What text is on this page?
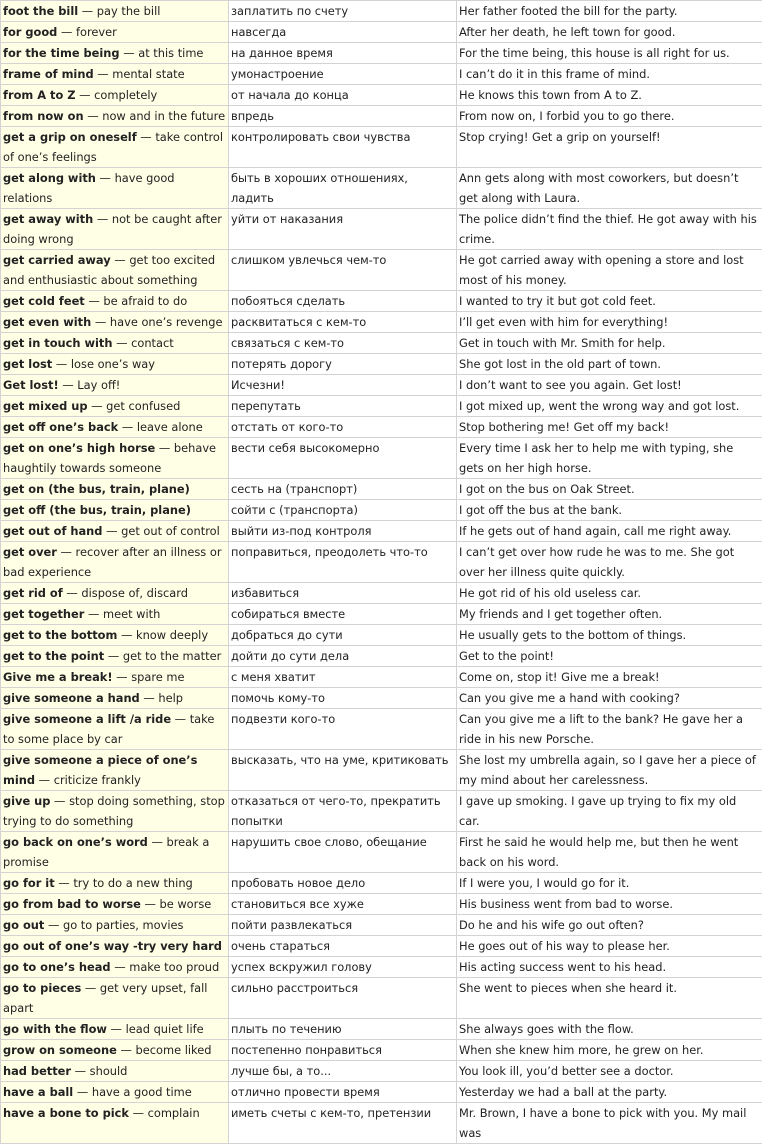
foot the bill — pay the bill	заплатить по счету	Her father footed the bill for the party.
for good — forever	навсегда	After her death, he left town for good.
for the time being — at this time	на данное время	For the time being, this house is all right for us.
frame of mind — mental state	умонастроение	I can’t do it in this frame of mind.
from A to Z — completely	от начала до конца	He knows this town from A to Z.
from now on — now and in the future	впредь	From now on, I forbid you to go there.
get a grip on oneself — take control of one’s feelings	контролировать свои чувства	Stop crying! Get a grip on yourself!
get along with — have good relations	быть в хороших отношениях, ладить	Ann gets along with most coworkers, but doesn’t get along with Laura.
get away with — not be caught after doing wrong	уйти от наказания	The police didn’t find the thief. He got away with his crime.
get carried away — get too excited and enthusiastic about something	слишком увлечься чем-то	He got carried away with opening a store and lost most of his money.
get cold feet — be afraid to do	побояться сделать	I wanted to try it but got cold feet.
get even with — have one’s revenge	расквитаться с кем-то	I’ll get even with him for everything!
get in touch with — contact	связаться с кем-то	Get in touch with Mr. Smith for help.
get lost — lose one’s way	потерять дорогу	She got lost in the old part of town.
Get lost! — Lay off!	Исчезни!	I don’t want to see you again. Get lost!
get mixed up — get confused	перепутать	I got mixed up, went the wrong way and got lost.
get off one’s back — leave alone	отстать от кого-то	Stop bothering me! Get off my back!
get on one’s high horse — behave haughtily towards someone	вести себя высокомерно	Every time I ask her to help me with typing, she gets on her high horse.
get on (the bus, train, plane)	сесть на (транспорт)	I got on the bus on Oak Street.
get off (the bus, train, plane)	сойти с (транспорта)	I got off the bus at the bank.
get out of hand — get out of control	выйти из-под контроля	If he gets out of hand again, call me right away.
get over — recover after an illness or bad experience	поправиться, преодолеть что-то	I can’t get over how rude he was to me. She got over her illness quite quickly.
get rid of — dispose of, discard	избавиться	He got rid of his old useless car.
get together — meet with	собираться вместе	My friends and I get together often.
get to the bottom — know deeply	добраться до сути	He usually gets to the bottom of things.
get to the point — get to the matter	дойти до сути дела	Get to the point!
Give me a break! — spare me	с меня хватит	Come on, stop it! Give me a break!
give someone a hand — help	помочь кому-то	Can you give me a hand with cooking?
give someone a lift /a ride — take to some place by car	подвезти кого-то	Can you give me a lift to the bank? He gave her a ride in his new Porsche.
give someone a piece of one’s mind — criticize frankly	высказать, что на уме, критиковать	She lost my umbrella again, so I gave her a piece of my mind about her carelessness.
give up — stop doing something, stop trying to do something	отказаться от чего-то, прекратить попытки	I gave up smoking. I gave up trying to fix my old car.
go back on one’s word — break a promise	нарушить свое слово, обещание	First he said he would help me, but then he went back on his word.
go for it — try to do a new thing	пробовать новое дело	If I were you, I would go for it.
go from bad to worse — be worse	становиться все хуже	His business went from bad to worse.
go out — go to parties, movies	пойти развлекаться	Do he and his wife go out often?
go out of one’s way -try very hard	очень стараться	He goes out of his way to please her.
go to one’s head — make too proud	успех вскружил голову	His acting success went to his head.
go to pieces — get very upset, fall apart	сильно расстроиться	She went to pieces when she heard it.
go with the flow — lead quiet life	плыть по течению	She always goes with the flow.
grow on someone — become liked	постепенно понравиться	When she knew him more, he grew on her.
had better — should	лучше бы, а то...	You look ill, you’d better see a doctor.
have a ball — have a good time	отлично провести время	Yesterday we had a ball at the party.
have a bone to pick — complain	иметь счеты с кем-то, претензии	Mr. Brown, I have a bone to pick with you. My mail was
